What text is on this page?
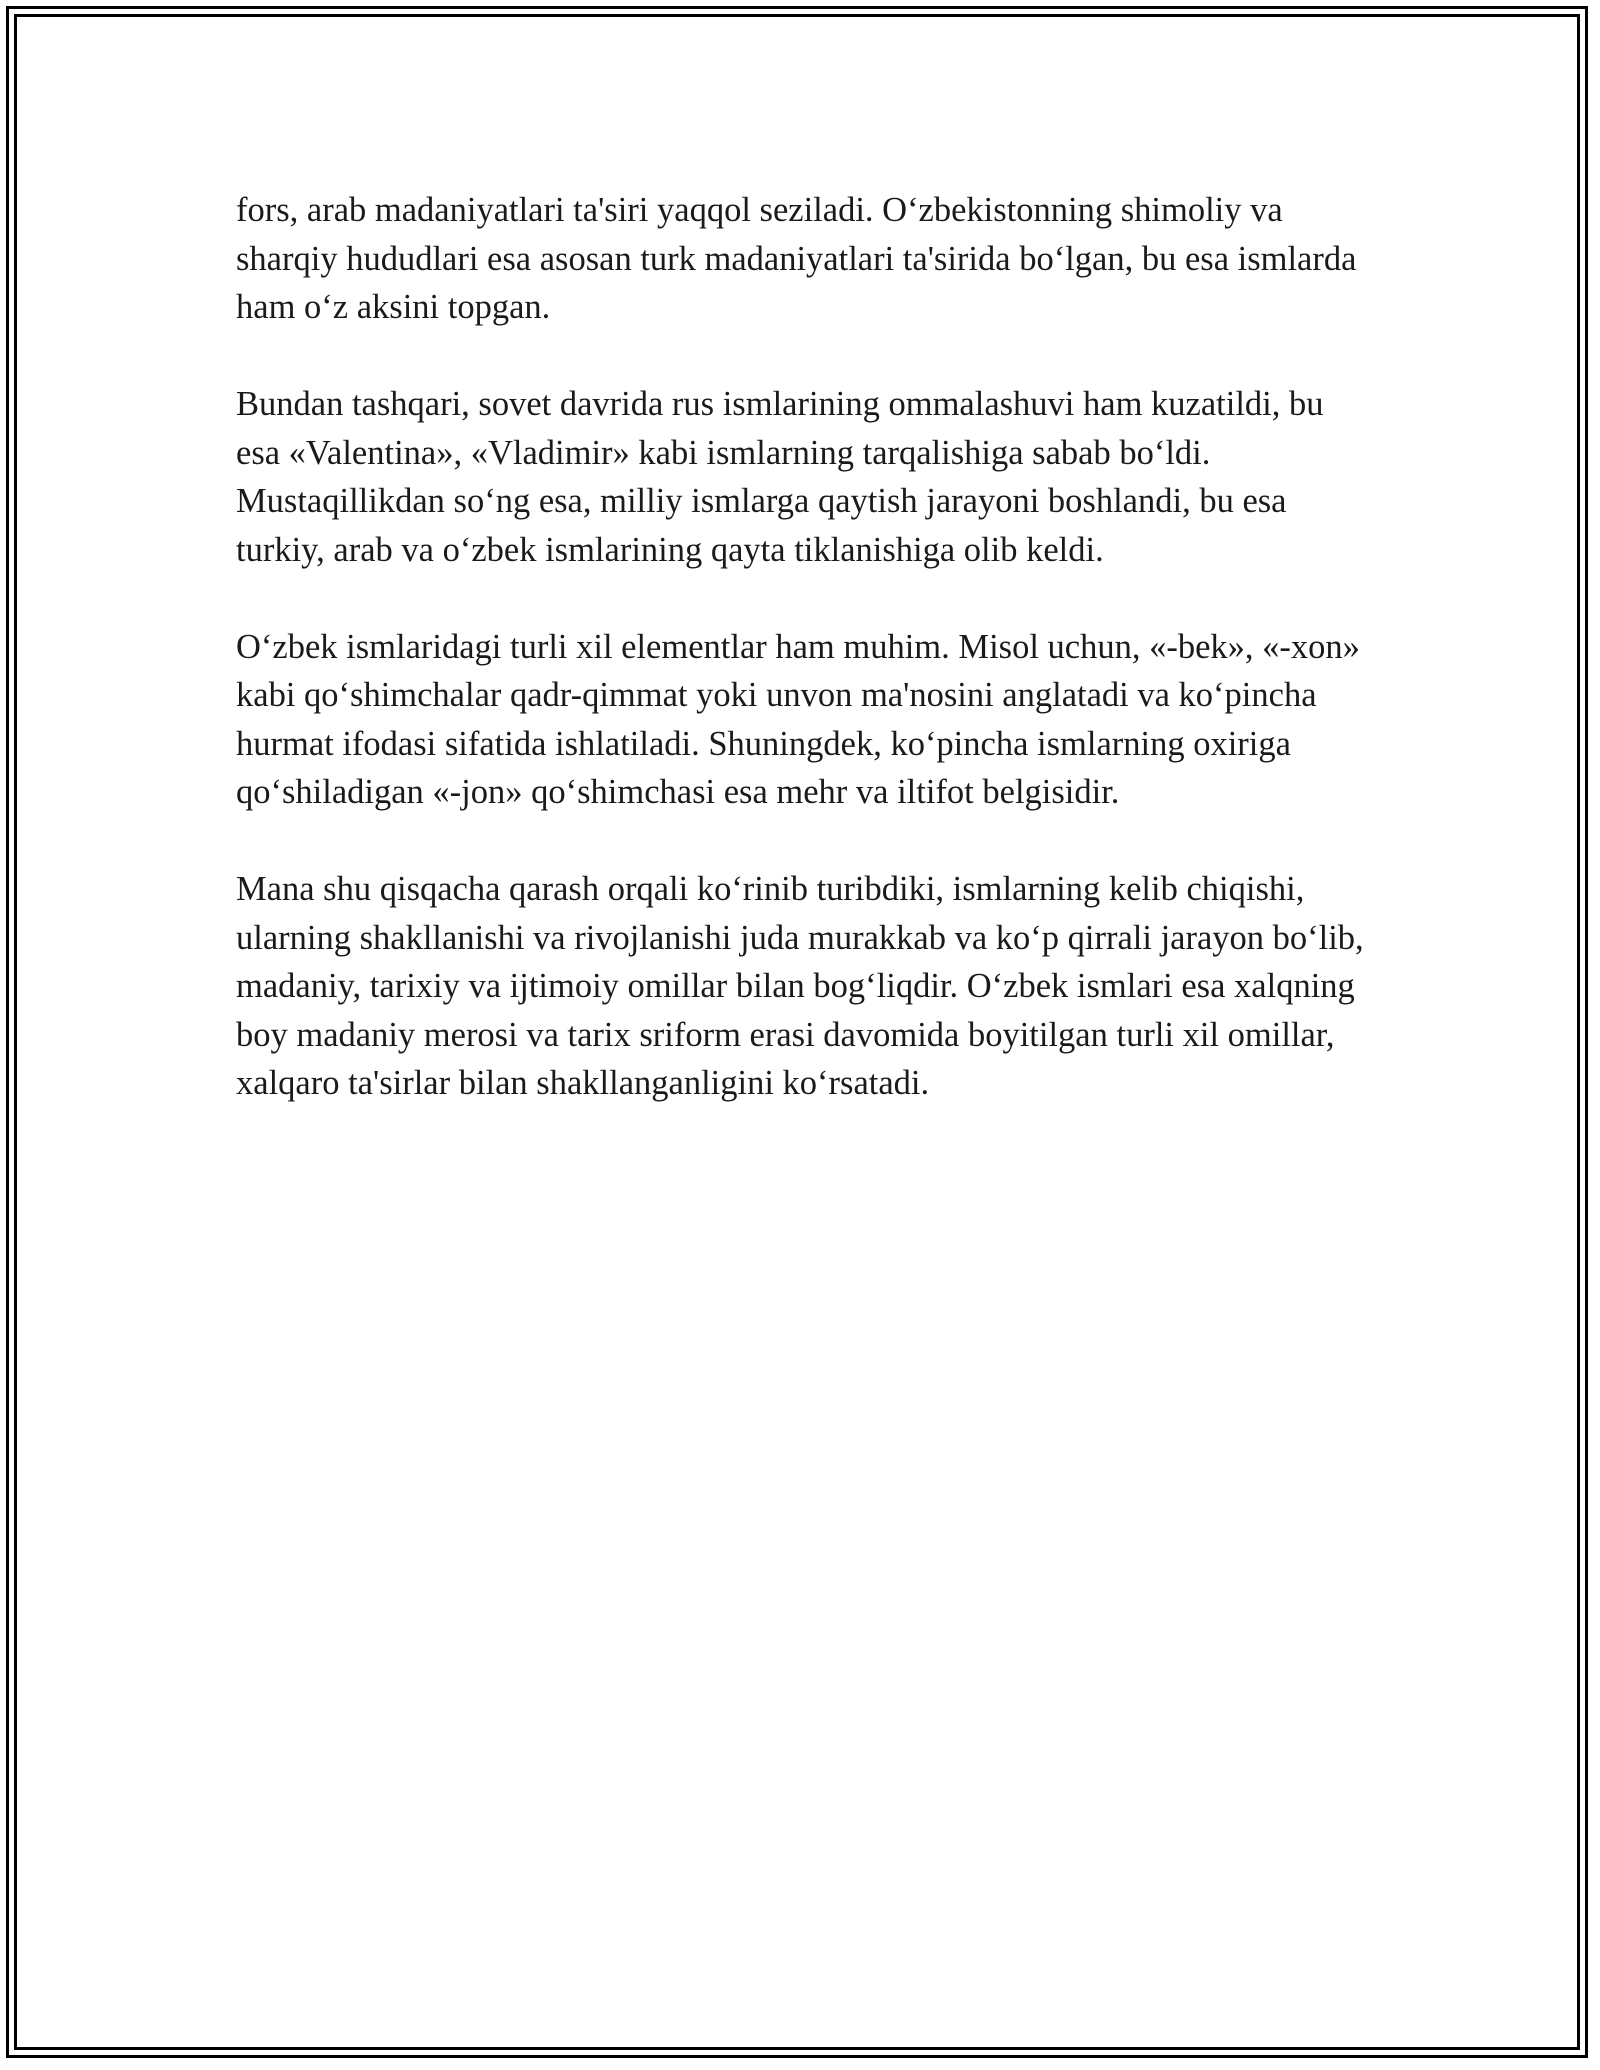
fors, arab madaniyatlari ta'siri yaqqol seziladi. O‘zbekistonning shimoliy va sharqiy hududlari esa asosan turk madaniyatlari ta'sirida bo‘lgan, bu esa ismlarda ham o‘z aksini topgan.

Bundan tashqari, sovet davrida rus ismlarining ommalashuvi ham kuzatildi, bu esa «Valentina», «Vladimir» kabi ismlarning tarqalishiga sabab bo‘ldi. Mustaqillikdan so‘ng esa, milliy ismlarga qaytish jarayoni boshlandi, bu esa turkiy, arab va o‘zbek ismlarining qayta tiklanishiga olib keldi.

O‘zbek ismlaridagi turli xil elementlar ham muhim. Misol uchun, «-bek», «-xon» kabi qo‘shimchalar qadr-qimmat yoki unvon ma'nosini anglatadi va ko‘pincha hurmat ifodasi sifatida ishlatiladi. Shuningdek, ko‘pincha ismlarning oxiriga qo‘shiladigan «-jon» qo‘shimchasi esa mehr va iltifot belgisidir.

Mana shu qisqacha qarash orqali ko‘rinib turibdiki, ismlarning kelib chiqishi, ularning shakllanishi va rivojlanishi juda murakkab va ko‘p qirrali jarayon bo‘lib, madaniy, tarixiy va ijtimoiy omillar bilan bog‘liqdir. O‘zbek ismlari esa xalqning boy madaniy merosi va tarix sriform erasi davomida boyitilgan turli xil omillar, xalqaro ta'sirlar bilan shakllanganligini ko‘rsatadi.
